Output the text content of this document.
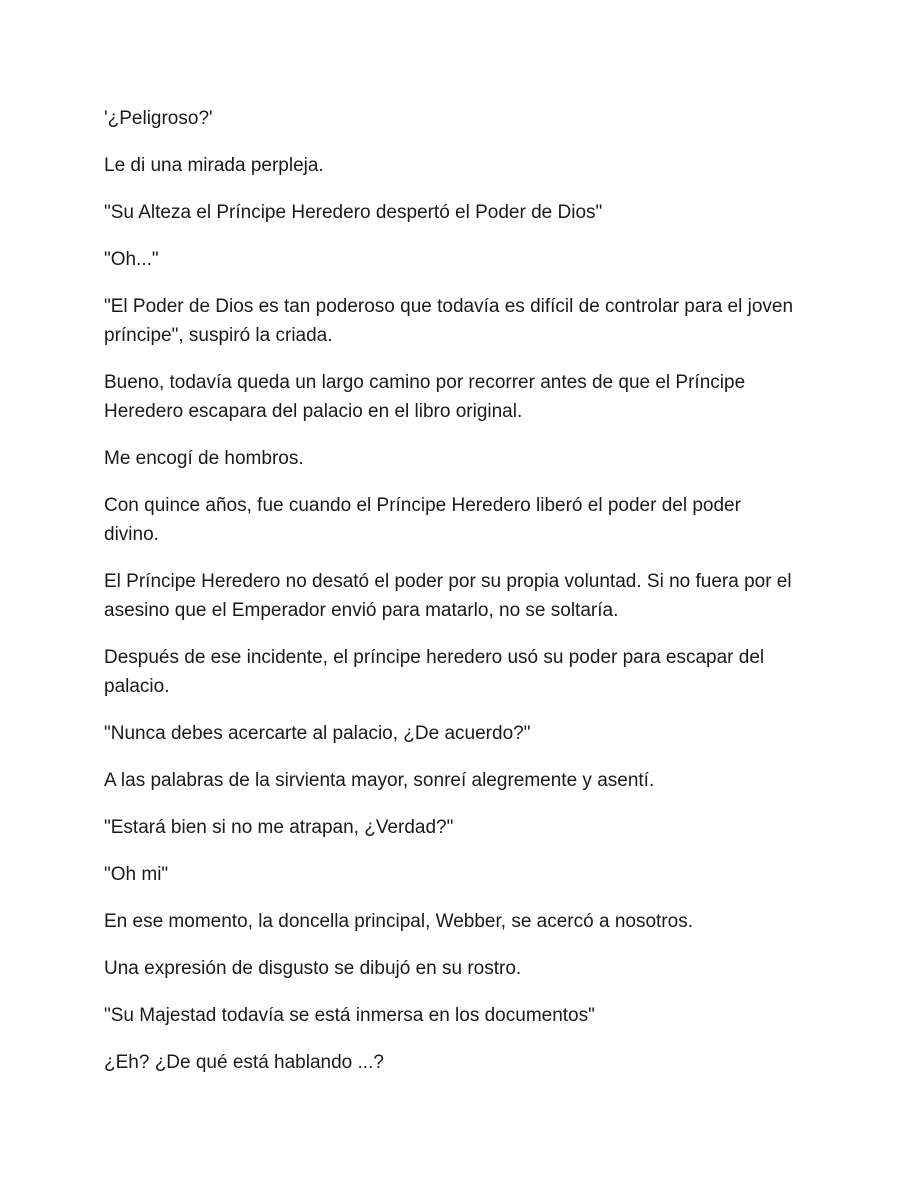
'¿Peligroso?'

Le di una mirada perpleja.

"Su Alteza el Príncipe Heredero despertó el Poder de Dios"

"Oh..."

"El Poder de Dios es tan poderoso que todavía es difícil de controlar para el joven príncipe", suspiró la criada.

Bueno, todavía queda un largo camino por recorrer antes de que el Príncipe Heredero escapara del palacio en el libro original.

Me encogí de hombros.

Con quince años, fue cuando el Príncipe Heredero liberó el poder del poder divino.

El Príncipe Heredero no desató el poder por su propia voluntad. Si no fuera por el asesino que el Emperador envió para matarlo, no se soltaría.

Después de ese incidente, el príncipe heredero usó su poder para escapar del palacio.

"Nunca debes acercarte al palacio, ¿De acuerdo?"

A las palabras de la sirvienta mayor, sonreí alegremente y asentí.

"Estará bien si no me atrapan, ¿Verdad?"

"Oh mi"

En ese momento, la doncella principal, Webber, se acercó a nosotros.

Una expresión de disgusto se dibujó en su rostro.

"Su Majestad todavía se está inmersa en los documentos"

¿Eh? ¿De qué está hablando ...?
